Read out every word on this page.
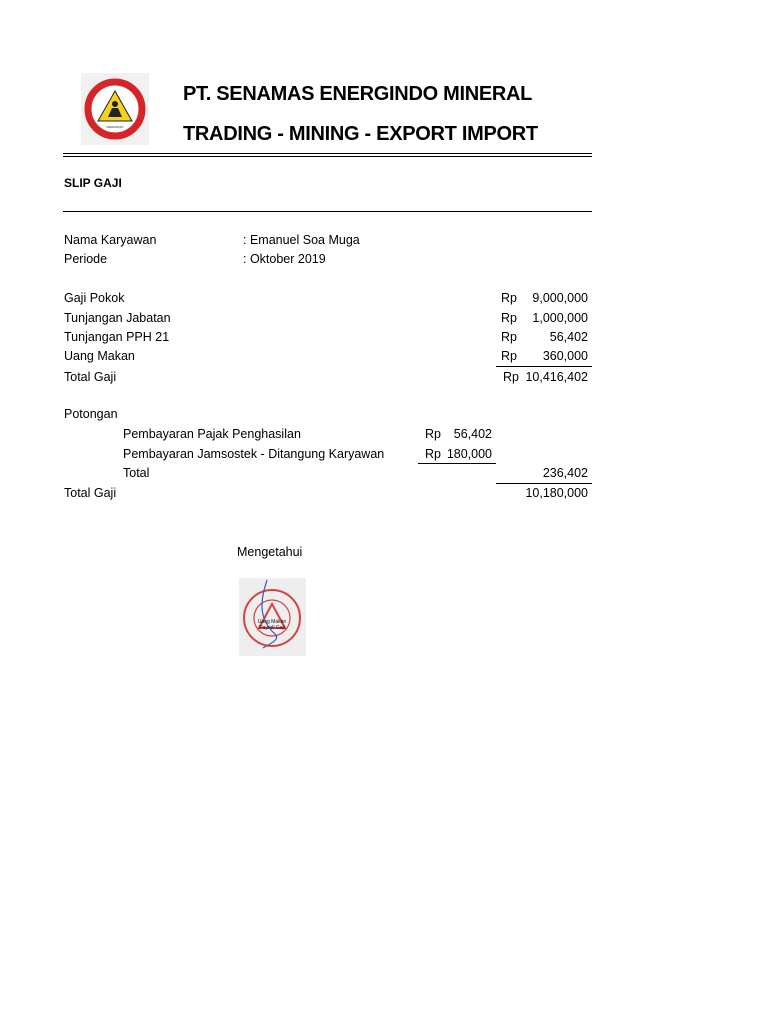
PERHATIAN
PT. SENAMAS ENERGINDO MINERAL
TRADING - MINING - EXPORT IMPORT
SLIP GAJI
Nama Karyawan	: Emanuel Soa Muga
Periode	: Oktober 2019
Gaji Pokok	Rp	9,000,000
Tunjangan Jabatan	Rp	1,000,000
Tunjangan PPH 21	Rp	56,402
Uang Makan	Rp	360,000
Total Gaji	Rp 10,416,402
Potongan
Pembayaran Pajak Penghasilan	Rp	56,402
Pembayaran Jamsostek - Ditangung Karyawan	Rp 180,000
Total	236,402
Total Gaji	10,180,000
Mengetahui
Uang Makan
Payroll Gaji
